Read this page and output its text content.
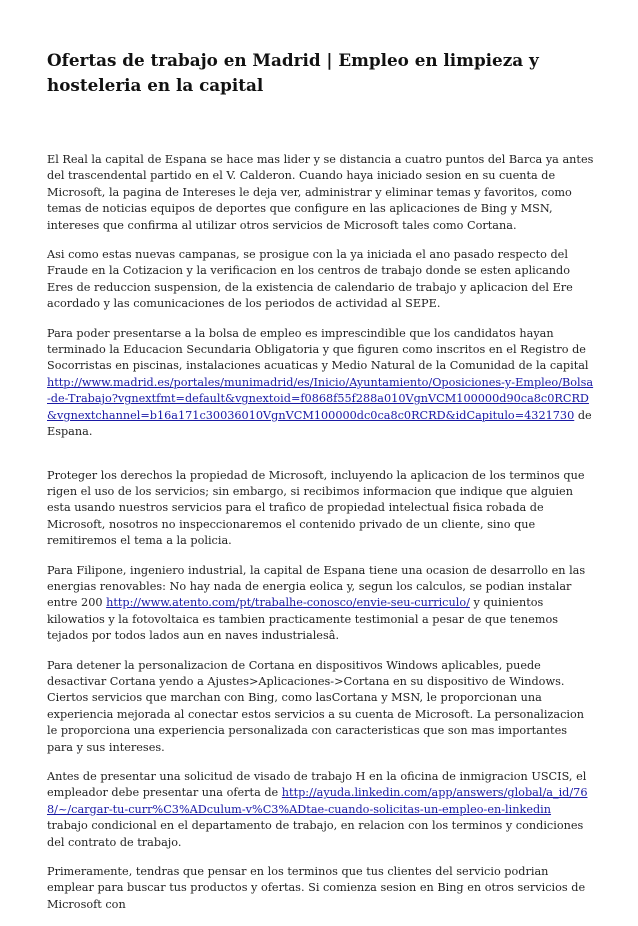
Ofertas de trabajo en Madrid | Empleo en limpieza y hosteleria en la capital

El Real la capital de Espana se hace mas lider y se distancia a cuatro puntos del Barca ya antes del trascendental partido en el V. Calderon. Cuando haya iniciado sesion en su cuenta de Microsoft, la pagina de Intereses le deja ver, administrar y eliminar temas y favoritos, como temas de noticias equipos de deportes que configure en las aplicaciones de Bing y MSN, intereses que confirma al utilizar otros servicios de Microsoft tales como Cortana.

Asi como estas nuevas campanas, se prosigue con la ya iniciada el ano pasado respecto del Fraude en la Cotizacion y la verificacion en los centros de trabajo donde se esten aplicando Eres de reduccion suspension, de la existencia de calendario de trabajo y aplicacion del Ere acordado y las comunicaciones de los periodos de actividad al SEPE.

Para poder presentarse a la bolsa de empleo es imprescindible que los candidatos hayan terminado la Educacion Secundaria Obligatoria y que figuren como inscritos en el Registro de Socorristas en piscinas, instalaciones acuaticas y Medio Natural de la Comunidad de la capital http://www.madrid.es/portales/munimadrid/es/Inicio/Ayuntamiento/Oposiciones-y-Empleo/Bolsa-de-Trabajo?vgnextfmt=default&vgnextoid=f0868f55f288a010VgnVCM100000d90ca8c0RCRD&vgnextchannel=b16a171c30036010VgnVCM100000dc0ca8c0RCRD&idCapitulo=4321730 de Espana.

Proteger los derechos la propiedad de Microsoft, incluyendo la aplicacion de los terminos que rigen el uso de los servicios; sin embargo, si recibimos informacion que indique que alguien esta usando nuestros servicios para el trafico de propiedad intelectual fisica robada de Microsoft, nosotros no inspeccionaremos el contenido privado de un cliente, sino que remitiremos el tema a la policia.

Para Filipone, ingeniero industrial, la capital de Espana tiene una ocasion de desarrollo en las energias renovables: No hay nada de energia eolica y, segun los calculos, se podian instalar entre 200 http://www.atento.com/pt/trabalhe-conosco/envie-seu-curriculo/ y quinientos kilowatios y la fotovoltaica es tambien practicamente testimonial a pesar de que tenemos tejados por todos lados aun en naves industrialesâ.

Para detener la personalizacion de Cortana en dispositivos Windows aplicables, puede desactivar Cortana yendo a Ajustes>Aplicaciones->Cortana en su dispositivo de Windows. Ciertos servicios que marchan con Bing, como lasCortana y MSN, le proporcionan una experiencia mejorada al conectar estos servicios a su cuenta de Microsoft. La personalizacion le proporciona una experiencia personalizada con caracteristicas que son mas importantes para y sus intereses.

Antes de presentar una solicitud de visado de trabajo H en la oficina de inmigracion USCIS, el empleador debe presentar una oferta de http://ayuda.linkedin.com/app/answers/global/a_id/768/~/cargar-tu-curr%C3%ADculum-v%C3%ADtae-cuando-solicitas-un-empleo-en-linkedin trabajo condicional en el departamento de trabajo, en relacion con los terminos y condiciones del contrato de trabajo.

Primeramente, tendras que pensar en los terminos que tus clientes del servicio podrian emplear para buscar tus productos y ofertas. Si comienza sesion en Bing en otros servicios de Microsoft con
